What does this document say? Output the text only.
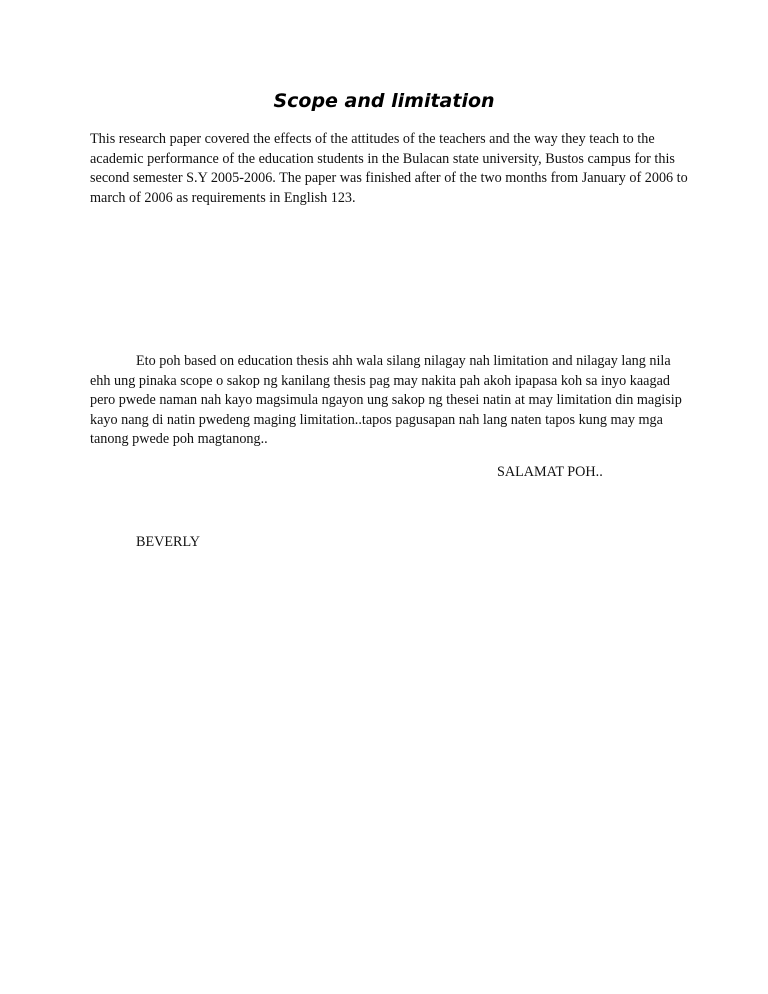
Scope and limitation

This research paper covered the effects of the attitudes of the teachers and the way they teach to the academic performance of the education students in the Bulacan state university, Bustos campus for this second semester S.Y 2005-2006. The paper was finished after of the two months from January of 2006 to march of 2006 as requirements in English 123.

Eto poh based on education thesis ahh wala silang nilagay nah limitation and nilagay lang nila ehh ung pinaka scope o sakop ng kanilang thesis pag may nakita pah akoh ipapasa koh sa inyo kaagad pero pwede naman nah kayo magsimula ngayon ung sakop ng thesei natin at may limitation din magisip kayo nang di natin pwedeng maging limitation..tapos pagusapan nah lang naten tapos kung may mga tanong pwede poh magtanong..

SALAMAT POH..

BEVERLY
